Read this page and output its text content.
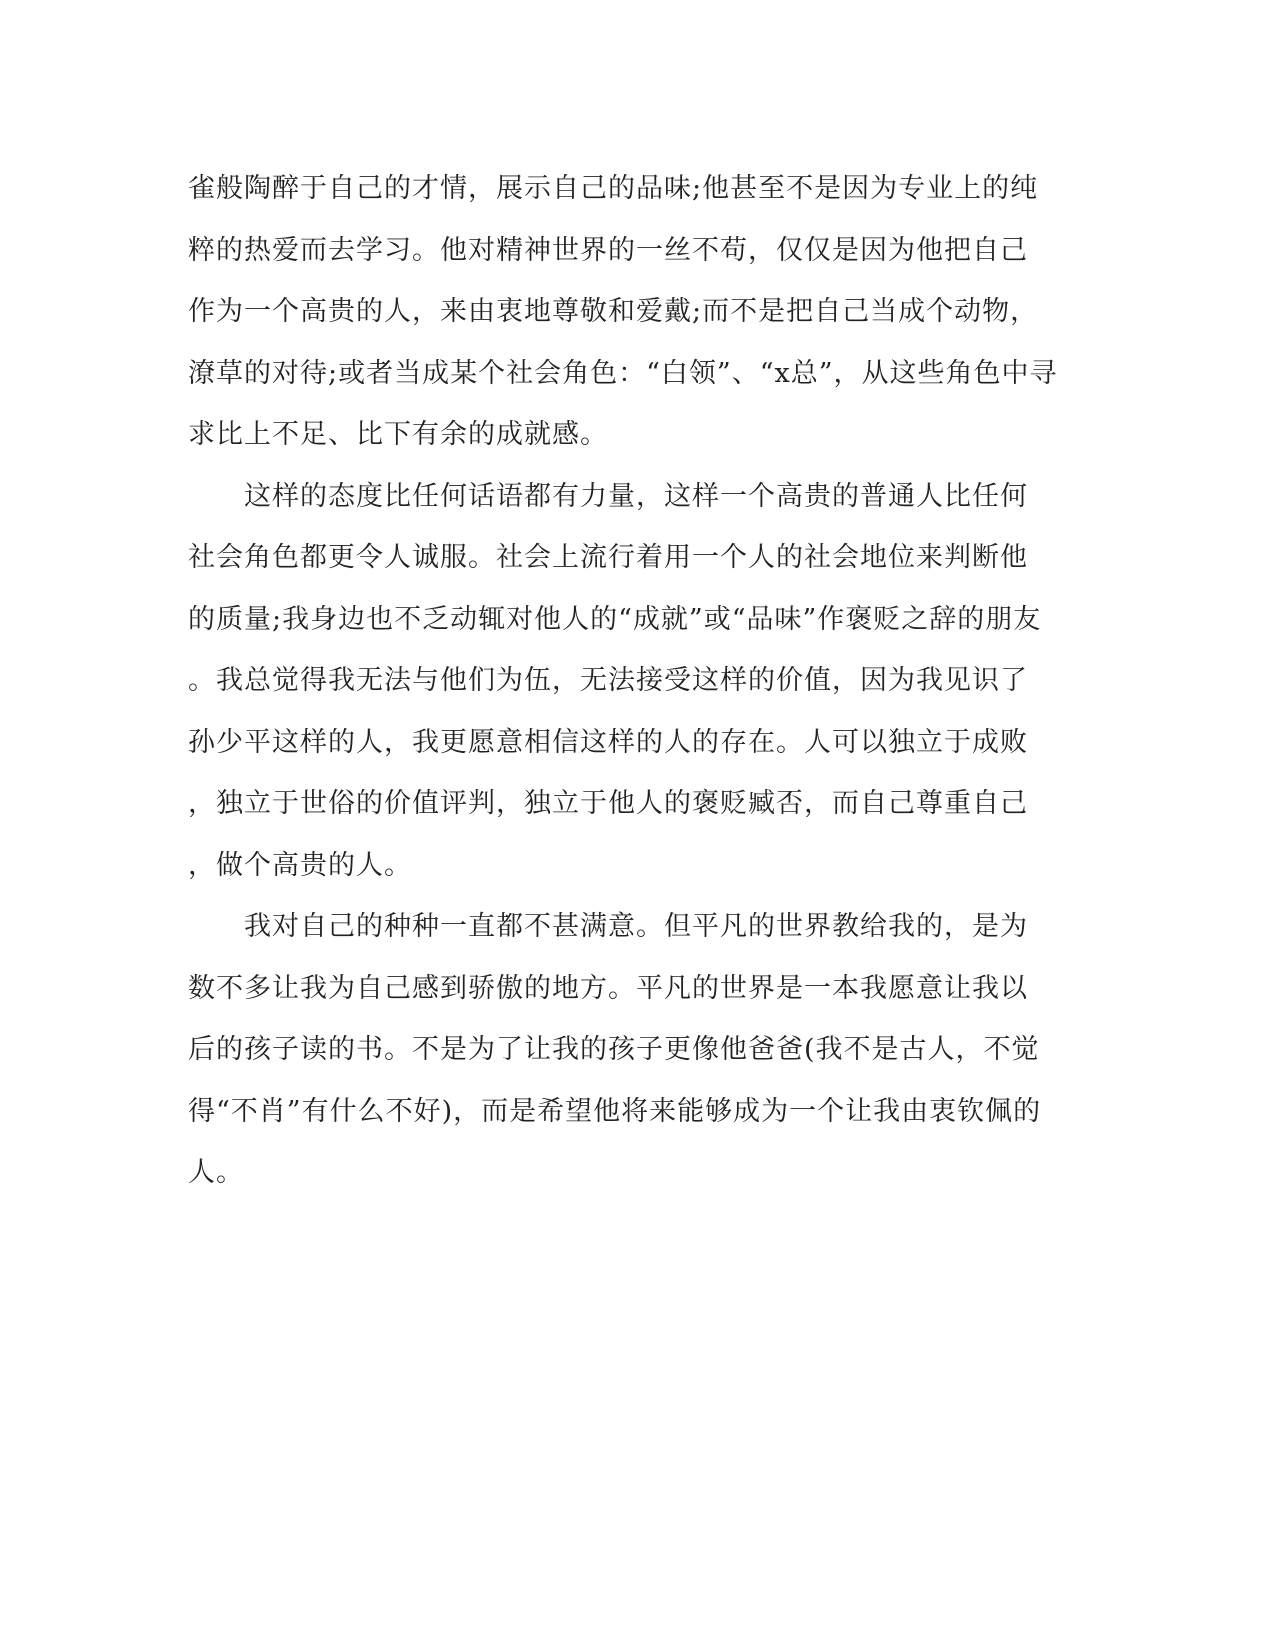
雀般陶醉于自己的才情，展示自己的品味;他甚至不是因为专业上的纯
粹的热爱而去学习。他对精神世界的一丝不苟，仅仅是因为他把自己
作为一个高贵的人，来由衷地尊敬和爱戴;而不是把自己当成个动物，
潦草的对待;或者当成某个社会角色：“白领”、“x总”，从这些角色中寻
求比上不足、比下有余的成就感。
　　这样的态度比任何话语都有力量，这样一个高贵的普通人比任何
社会角色都更令人诚服。社会上流行着用一个人的社会地位来判断他
的质量;我身边也不乏动辄对他人的“成就”或“品味”作褒贬之辞的朋友
。我总觉得我无法与他们为伍，无法接受这样的价值，因为我见识了
孙少平这样的人，我更愿意相信这样的人的存在。人可以独立于成败
，独立于世俗的价值评判，独立于他人的褒贬臧否，而自己尊重自己
，做个高贵的人。
　　我对自己的种种一直都不甚满意。但平凡的世界教给我的，是为
数不多让我为自己感到骄傲的地方。平凡的世界是一本我愿意让我以
后的孩子读的书。不是为了让我的孩子更像他爸爸(我不是古人，不觉
得“不肖”有什么不好)，而是希望他将来能够成为一个让我由衷钦佩的
人。
